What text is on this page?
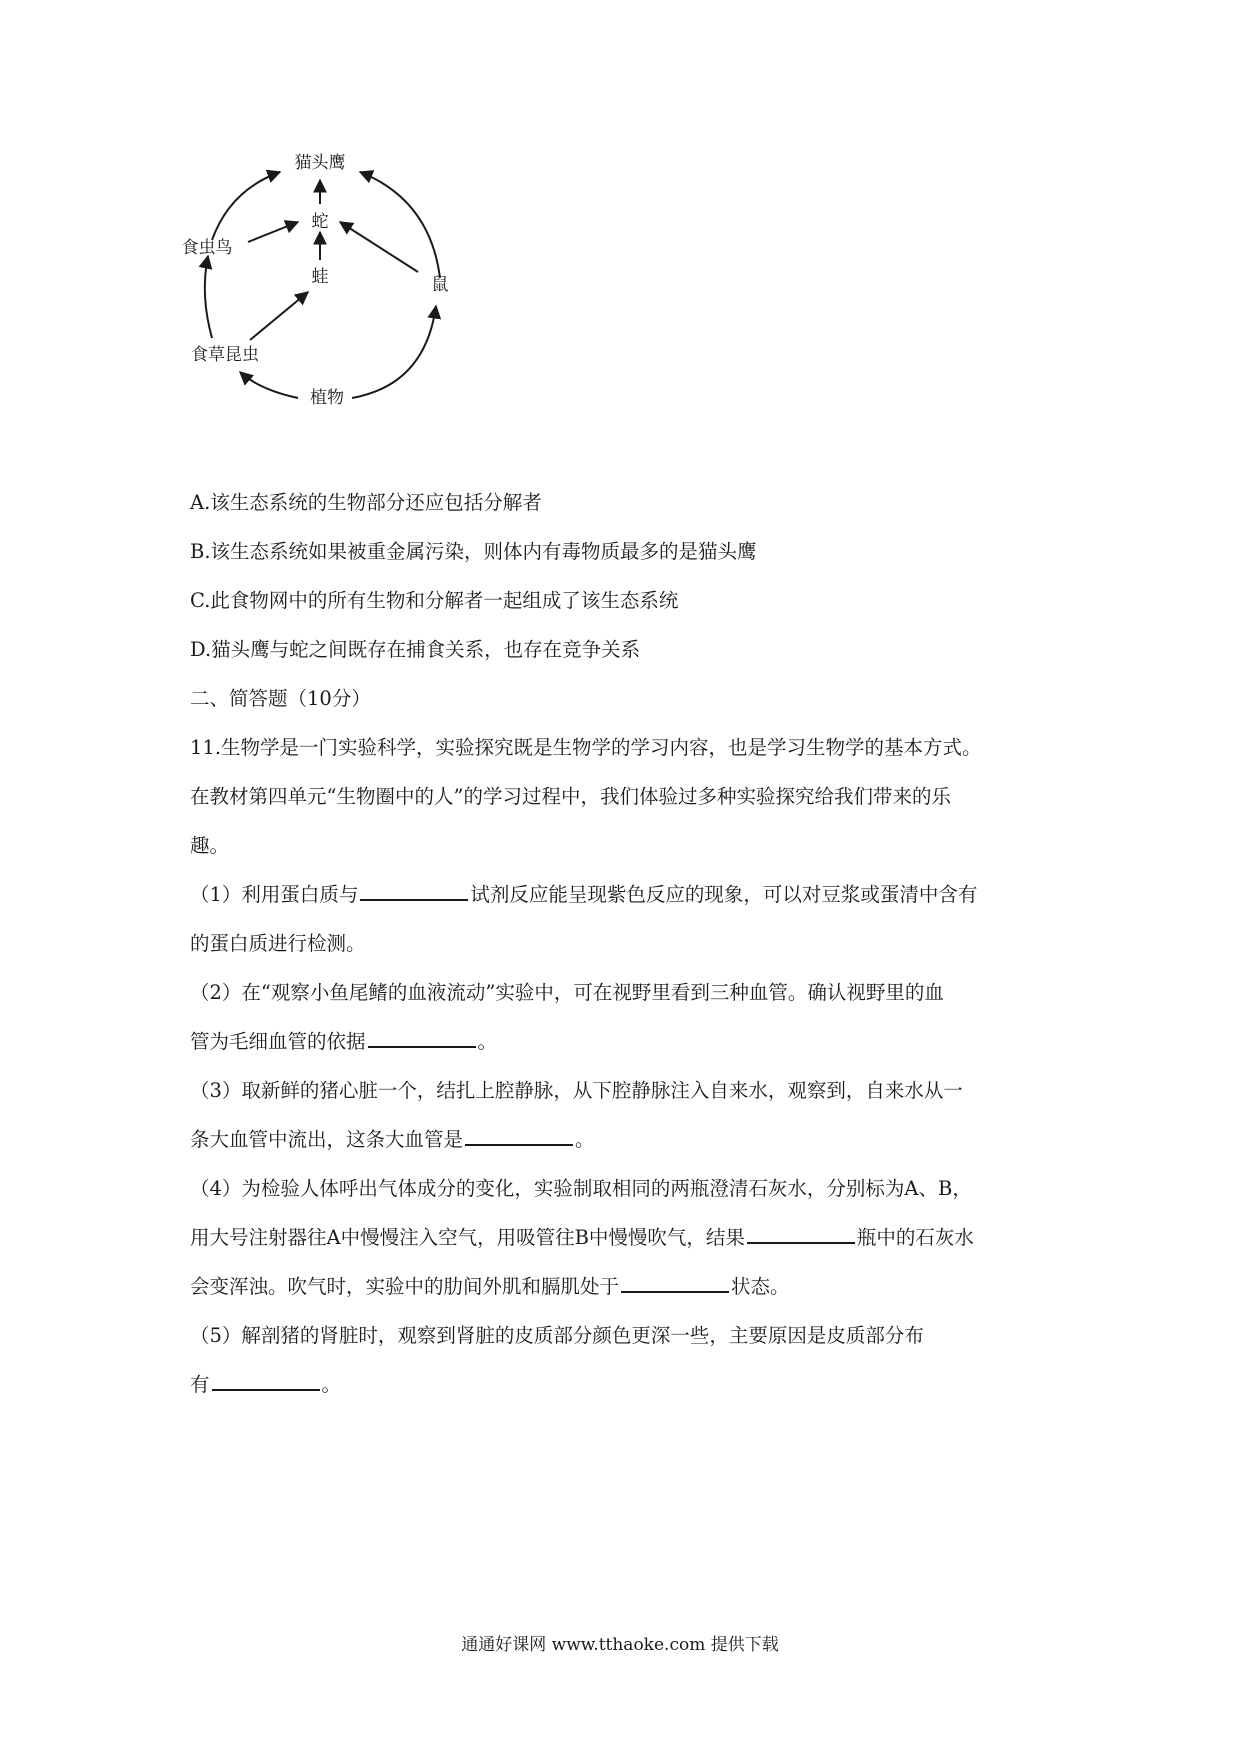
猫头鹰
蛇
食虫鸟
蛙	鼠
食草昆虫
植物
A.该生态系统的生物部分还应包括分解者
B.该生态系统如果被重金属污染，则体内有毒物质最多的是猫头鹰
C.此食物网中的所有生物和分解者一起组成了该生态系统
D.猫头鹰与蛇之间既存在捕食关系，也存在竞争关系
二、简答题（10分）
11.生物学是一门实验科学，实验探究既是生物学的学习内容，也是学习生物学的基本方式。
在教材第四单元“生物圈中的人”的学习过程中，我们体验过多种实验探究给我们带来的乐
趣。
（1）利用蛋白质与	试剂反应能呈现紫色反应的现象，可以对豆浆或蛋清中含有
的蛋白质进行检测。
（2）在“观察小鱼尾鳍的血液流动”实验中，可在视野里看到三种血管。确认视野里的血
管为毛细血管的依据	。
（3）取新鲜的猪心脏一个，结扎上腔静脉，从下腔静脉注入自来水，观察到，自来水从一
条大血管中流出，这条大血管是	。
（4）为检验人体呼出气体成分的变化，实验制取相同的两瓶澄清石灰水，分别标为A、B，
用大号注射器往A中慢慢注入空气，用吸管往B中慢慢吹气，结果	瓶中的石灰水
会变浑浊。吹气时，实验中的肋间外肌和膈肌处于	状态。
（5）解剖猪的肾脏时，观察到肾脏的皮质部分颜色更深一些，主要原因是皮质部分布
有	。
通通好课网 www.tthaoke.com 提供下载
